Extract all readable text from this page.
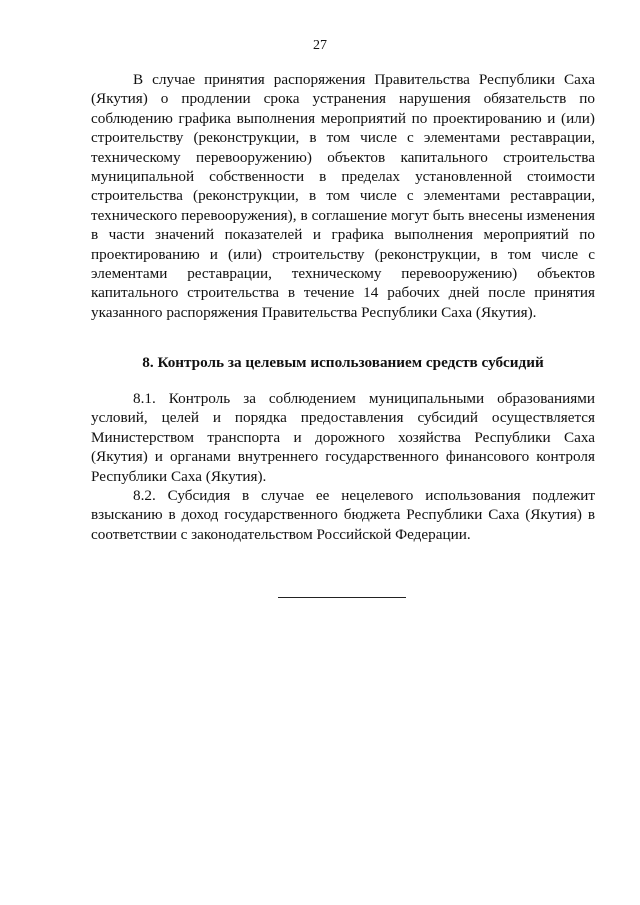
27

В случае принятия распоряжения Правительства Республики Саха (Якутия) о продлении срока устранения нарушения обязательств по соблюдению графика выполнения мероприятий по проектированию и (или) строительству (реконструкции, в том числе с элементами реставрации, техническому перевооружению) объектов капитального строительства муниципальной собственности в пределах установленной стоимости строительства (реконструкции, в том числе с элементами реставрации, технического перевооружения), в соглашение могут быть внесены изменения в части значений показателей и графика выполнения мероприятий по проектированию и (или) строительству (реконструкции, в том числе с элементами реставрации, техническому перевооружению) объектов капитального строительства в течение 14 рабочих дней после принятия указанного распоряжения Правительства Республики Саха (Якутия).

8. Контроль за целевым использованием средств субсидий

8.1. Контроль за соблюдением муниципальными образованиями условий, целей и порядка предоставления субсидий осуществляется Министерством транспорта и дорожного хозяйства Республики Саха (Якутия) и органами внутреннего государственного финансового контроля Республики Саха (Якутия).

8.2. Субсидия в случае ее нецелевого использования подлежит взысканию в доход государственного бюджета Республики Саха (Якутия) в соответствии с законодательством Российской Федерации.
